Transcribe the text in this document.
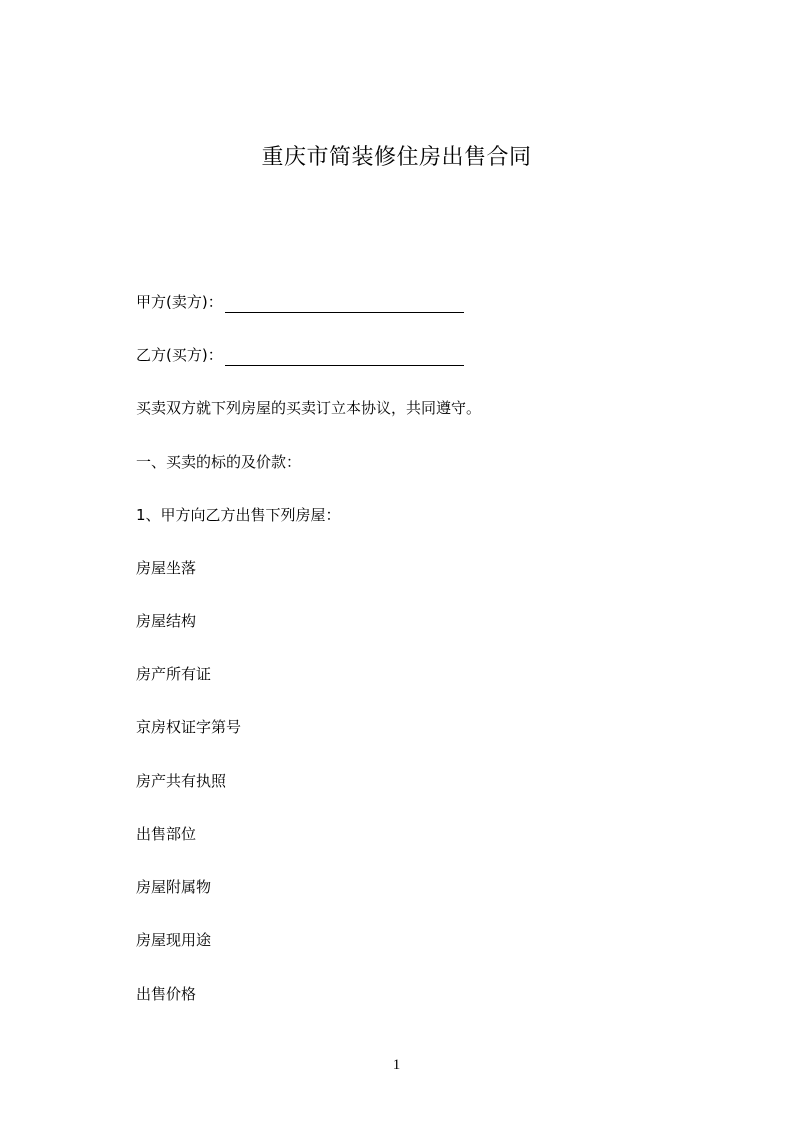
重庆市简装修住房出售合同
甲方(卖方)：
乙方(买方)：
买卖双方就下列房屋的买卖订立本协议，共同遵守。
一、买卖的标的及价款：
1、甲方向乙方出售下列房屋：
房屋坐落
房屋结构
房产所有证
京房权证字第号
房产共有执照
出售部位
房屋附属物
房屋现用途
出售价格
1
